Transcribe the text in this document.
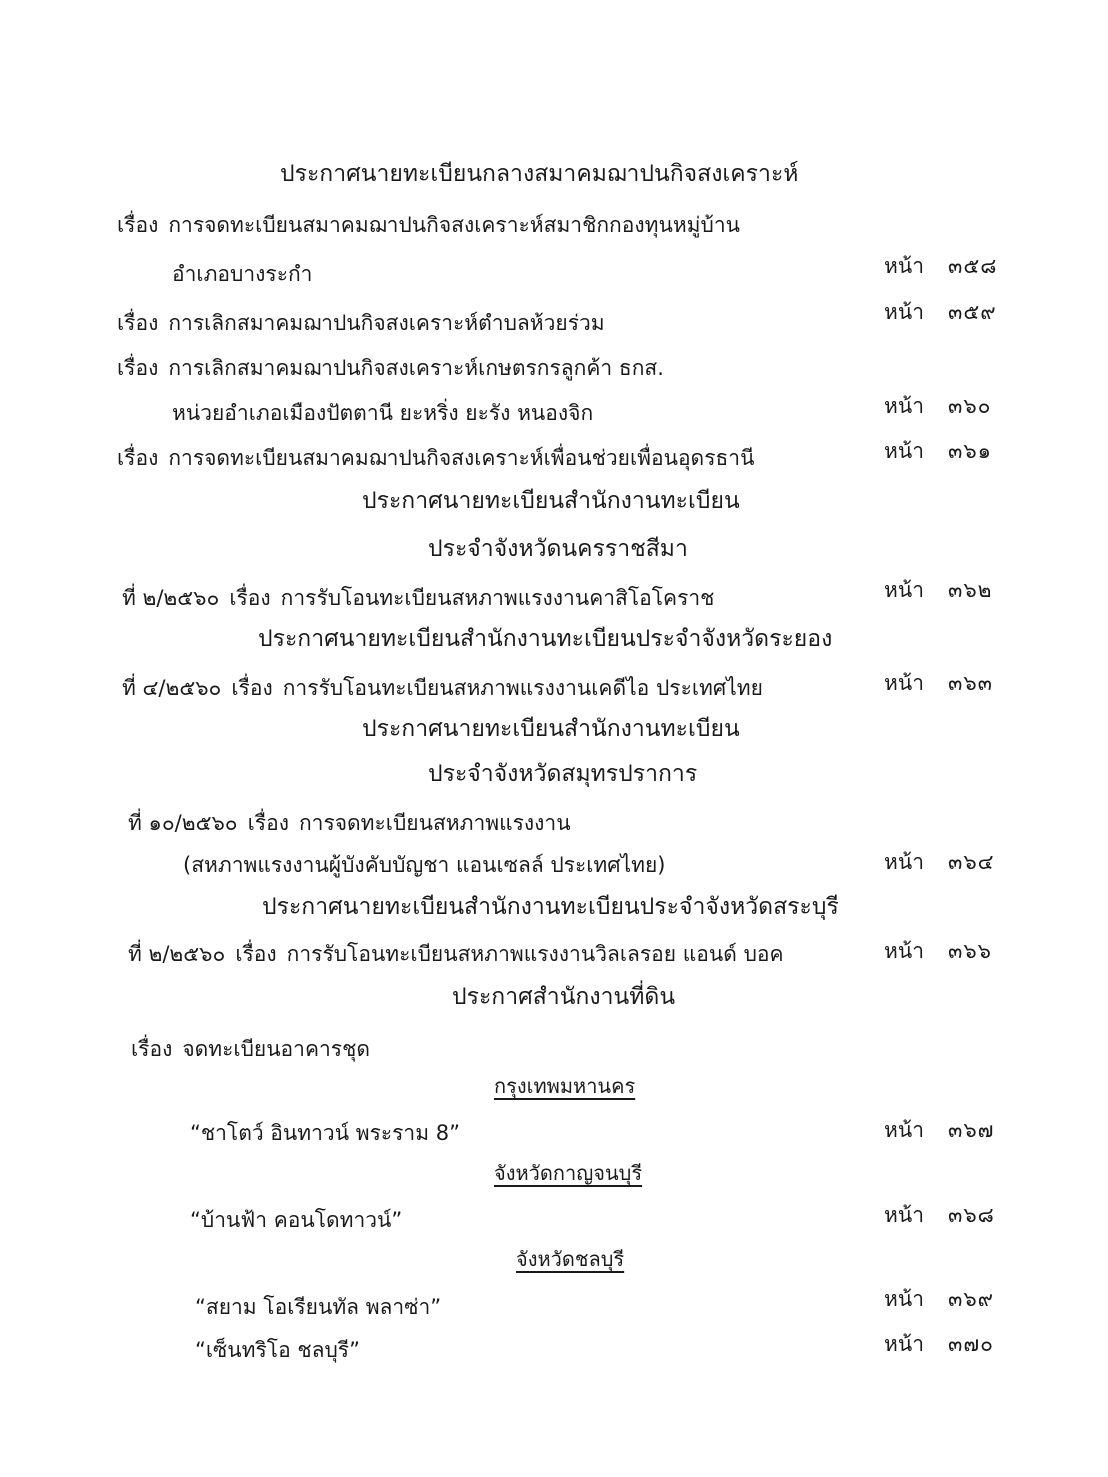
ประกาศนายทะเบียนกลางสมาคมฌาปนกิจสงเคราะห์
เรื่อง การจดทะเบียนสมาคมฌาปนกิจสงเคราะห์สมาชิกกองทุนหมู่บ้าน
อำเภอบางระกำ	หน้า ๓๕๘
เรื่อง การเลิกสมาคมฌาปนกิจสงเคราะห์ตำบลห้วยร่วม	หน้า ๓๕๙
เรื่อง การเลิกสมาคมฌาปนกิจสงเคราะห์เกษตรกรลูกค้า ธกส.
หน่วยอำเภอเมืองปัตตานี ยะหริ่ง ยะรัง หนองจิก	หน้า ๓๖๐
เรื่อง การจดทะเบียนสมาคมฌาปนกิจสงเคราะห์เพื่อนช่วยเพื่อนอุดรธานี	หน้า ๓๖๑
ประกาศนายทะเบียนสำนักงานทะเบียน
ประจำจังหวัดนครราชสีมา
ที่ ๒/๒๕๖๐ เรื่อง การรับโอนทะเบียนสหภาพแรงงานคาสิโอโคราช	หน้า ๓๖๒
ประกาศนายทะเบียนสำนักงานทะเบียนประจำจังหวัดระยอง
ที่ ๔/๒๕๖๐ เรื่อง การรับโอนทะเบียนสหภาพแรงงานเคดีไอ ประเทศไทย	หน้า ๓๖๓
ประกาศนายทะเบียนสำนักงานทะเบียน
ประจำจังหวัดสมุทรปราการ
ที่ ๑๐/๒๕๖๐ เรื่อง การจดทะเบียนสหภาพแรงงาน
(สหภาพแรงงานผู้บังคับบัญชา แอนเซลล์ ประเทศไทย)	หน้า ๓๖๔
ประกาศนายทะเบียนสำนักงานทะเบียนประจำจังหวัดสระบุรี
ที่ ๒/๒๕๖๐ เรื่อง การรับโอนทะเบียนสหภาพแรงงานวิลเลรอย แอนด์ บอค	หน้า ๓๖๖
ประกาศสำนักงานที่ดิน
เรื่อง จดทะเบียนอาคารชุด
กรุงเทพมหานคร
“ชาโตว์ อินทาวน์ พระราม 8”	หน้า ๓๖๗
จังหวัดกาญจนบุรี
“บ้านฟ้า คอนโดทาวน์”	หน้า ๓๖๘
จังหวัดชลบุรี
“สยาม โอเรียนทัล พลาซ่า”	หน้า ๓๖๙
“เซ็นทริโอ ชลบุรี”	หน้า ๓๗๐
